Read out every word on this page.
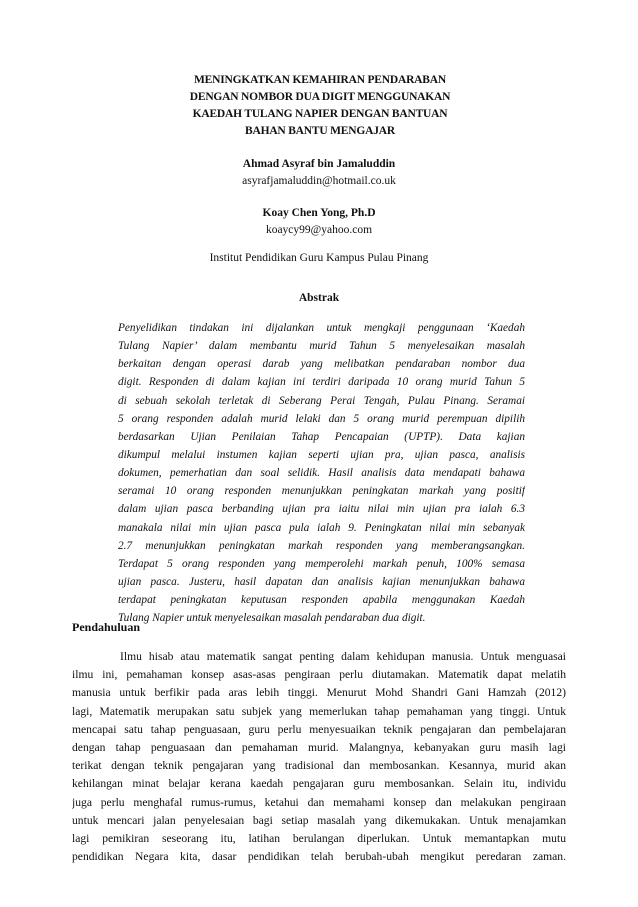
MENINGKATKAN KEMAHIRAN PENDARABAN
DENGAN NOMBOR DUA DIGIT MENGGUNAKAN
KAEDAH TULANG NAPIER DENGAN BANTUAN
BAHAN BANTU MENGAJAR
Ahmad Asyraf bin Jamaluddin
asyrafjamaluddin@hotmail.co.uk
Koay Chen Yong, Ph.D
koaycy99@yahoo.com
Institut Pendidikan Guru Kampus Pulau Pinang
Abstrak
Penyelidikan tindakan ini dijalankan untuk mengkaji penggunaan ‘Kaedah
Tulang Napier’ dalam membantu murid Tahun 5 menyelesaikan masalah
berkaitan dengan operasi darab yang melibatkan pendaraban nombor dua
digit. Responden di dalam kajian ini terdiri daripada 10 orang murid Tahun 5
di sebuah sekolah terletak di Seberang Perai Tengah, Pulau Pinang. Seramai
5 orang responden adalah murid lelaki dan 5 orang murid perempuan dipilih
berdasarkan Ujian Penilaian Tahap Pencapaian (UPTP). Data kajian
dikumpul melalui instumen kajian seperti ujian pra, ujian pasca, analisis
dokumen, pemerhatian dan soal selidik. Hasil analisis data mendapati bahawa
seramai 10 orang responden menunjukkan peningkatan markah yang positif
dalam ujian pasca berbanding ujian pra iaitu nilai min ujian pra ialah 6.3
manakala nilai min ujian pasca pula ialah 9. Peningkatan nilai min sebanyak
2.7 menunjukkan peningkatan markah responden yang memberangsangkan.
Terdapat 5 orang responden yang memperolehi markah penuh, 100% semasa
ujian pasca. Justeru, hasil dapatan dan analisis kajian menunjukkan bahawa
terdapat peningkatan keputusan responden apabila menggunakan Kaedah
Tulang Napier untuk menyelesaikan masalah pendaraban dua digit.
Pendahuluan
Ilmu hisab atau matematik sangat penting dalam kehidupan manusia. Untuk menguasai
ilmu ini, pemahaman konsep asas-asas pengiraan perlu diutamakan. Matematik dapat melatih
manusia untuk berfikir pada aras lebih tinggi. Menurut Mohd Shandri Gani Hamzah (2012)
lagi, Matematik merupakan satu subjek yang memerlukan tahap pemahaman yang tinggi. Untuk
mencapai satu tahap penguasaan, guru perlu menyesuaikan teknik pengajaran dan pembelajaran
dengan tahap penguasaan dan pemahaman murid. Malangnya, kebanyakan guru masih lagi
terikat dengan teknik pengajaran yang tradisional dan membosankan. Kesannya, murid akan
kehilangan minat belajar kerana kaedah pengajaran guru membosankan. Selain itu, individu
juga perlu menghafal rumus-rumus, ketahui dan memahami konsep dan melakukan pengiraan
untuk mencari jalan penyelesaian bagi setiap masalah yang dikemukakan. Untuk menajamkan
lagi pemikiran seseorang itu, latihan berulangan diperlukan. Untuk memantapkan mutu
pendidikan Negara kita, dasar pendidikan telah berubah-ubah mengikut peredaran zaman.
